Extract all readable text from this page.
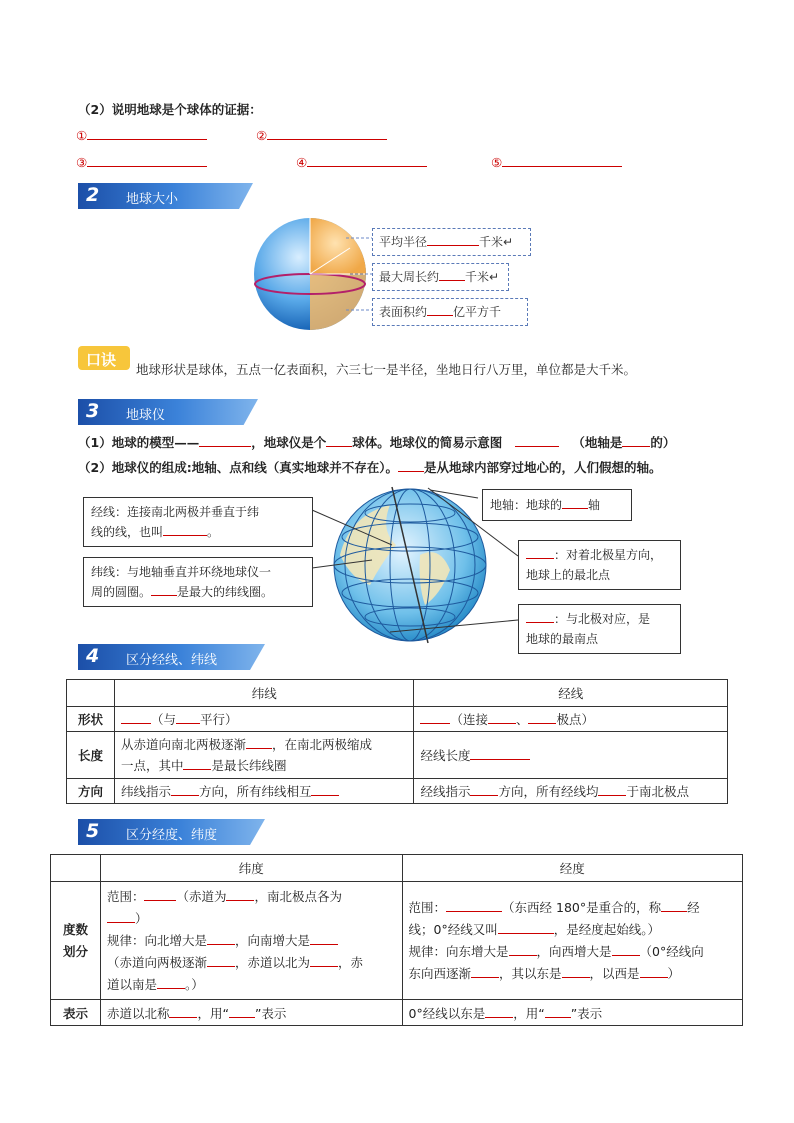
（2）说明地球是个球体的证据：
①	②
③	④	⑤
2 地球大小
平均半径	千米↵
最大周长约 千米↵
表面积约 亿平方千
口诀
地球形状是球体，五点一亿表面积，六三七一是半径，坐地日行八万里，单位都是大千米。
3 地球仪
（1）地球的模型——	，地球仪是个 球体。地球仪的简易示意图	（地轴是 的）
（2）地球仪的组成:地轴、点和线（真实地球并不存在）。 是从地球内部穿过地心的，人们假想的轴。
经线：连接南北两极并垂直于纬
线的线，也叫	。
纬线：与地轴垂直并环绕地球仪一
周的圆圈。 是最大的纬线圈。
地轴：地球的 轴
：对着北极星方向，
地球上的最北点
：与北极对应，是
地球的最南点
4 区分经线、纬线
	纬线	经线
形状	（与 平行）	（连接 、 极点）
长度	从赤道向南北两极逐渐 ，在南北两极缩成
一点，其中 是最长纬线圈	经线长度
方向	纬线指示 方向，所有纬线相互	经线指示 方向，所有经线均 于南北极点
5 区分经度、纬度
	纬度	经度
度数划分	范围： （赤道为 ，南北极点各为
）
规律：向北增大是 ，向南增大是
（赤道向两极逐渐 ，赤道以北为 ，赤
道以南是 。）	范围： （东西经 180°是重合的，称 经
线；0°经线又叫 ，是经度起始线。）
规律：向东增大是 ，向西增大是 （0°经线向
东向西逐渐 ，其以东是 ，以西是 ）
表示	赤道以北称 ，用“ ”表示	0°经线以东是 ，用“ ”表示
